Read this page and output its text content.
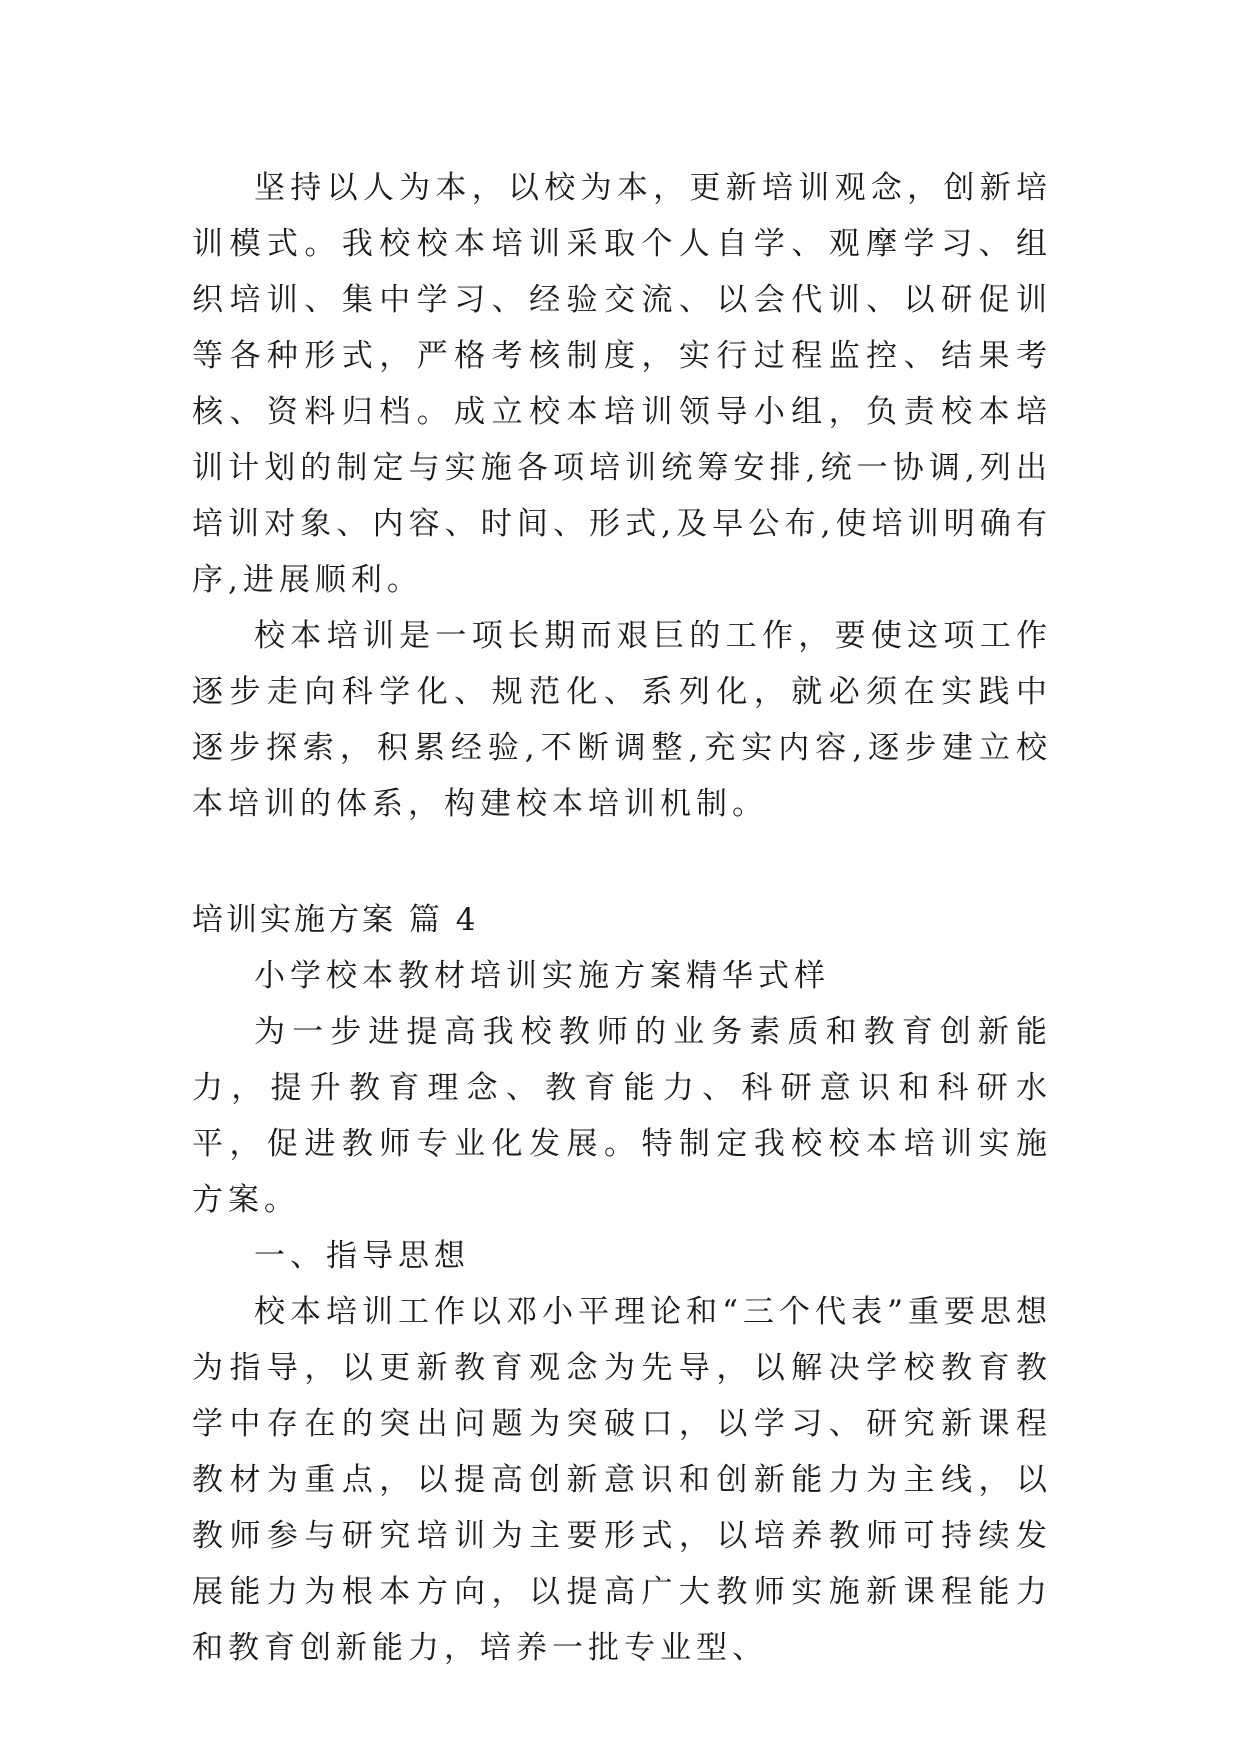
坚持以人为本，以校为本，更新培训观念，创新培训模式。我校校本培训采取个人自学、观摩学习、组织培训、集中学习、经验交流、以会代训、以研促训等各种形式，严格考核制度，实行过程监控、结果考核、资料归档。成立校本培训领导小组，负责校本培训计划的制定与实施各项培训统筹安排,统一协调,列出培训对象、内容、时间、形式,及早公布,使培训明确有序,进展顺利。

校本培训是一项长期而艰巨的工作，要使这项工作逐步走向科学化、规范化、系列化，就必须在实践中逐步探索，积累经验,不断调整,充实内容,逐步建立校本培训的体系，构建校本培训机制。

培训实施方案 篇 4

小学校本教材培训实施方案精华式样

为一步进提高我校教师的业务素质和教育创新能力，提升教育理念、教育能力、科研意识和科研水平，促进教师专业化发展。特制定我校校本培训实施方案。

一、指导思想

校本培训工作以邓小平理论和“三个代表”重要思想为指导，以更新教育观念为先导，以解决学校教育教学中存在的突出问题为突破口，以学习、研究新课程教材为重点，以提高创新意识和创新能力为主线，以教师参与研究培训为主要形式，以培养教师可持续发展能力为根本方向，以提高广大教师实施新课程能力和教育创新能力，培养一批专业型、
